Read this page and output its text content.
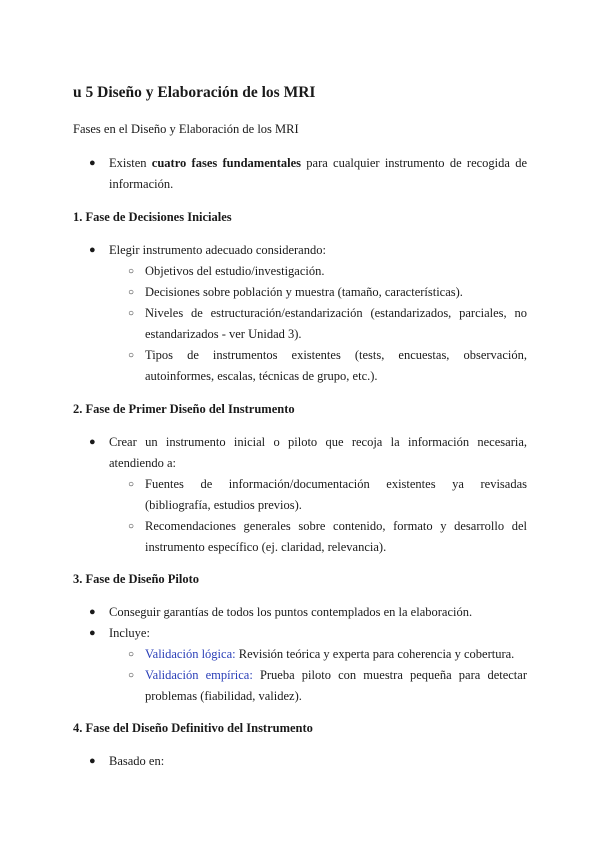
u 5 Diseño y Elaboración de los MRI
Fases en el Diseño y Elaboración de los MRI
● Existen cuatro fases fundamentales para cualquier instrumento de recogida de información.
1. Fase de Decisiones Iniciales
● Elegir instrumento adecuado considerando:
○ Objetivos del estudio/investigación.
○ Decisiones sobre población y muestra (tamaño, características).
○ Niveles de estructuración/estandarización (estandarizados, parciales, no estandarizados - ver Unidad 3).
○ Tipos de instrumentos existentes (tests, encuestas, observación, autoinformes, escalas, técnicas de grupo, etc.).
2. Fase de Primer Diseño del Instrumento
● Crear un instrumento inicial o piloto que recoja la información necesaria, atendiendo a:
○ Fuentes de información/documentación existentes ya revisadas (bibliografía, estudios previos).
○ Recomendaciones generales sobre contenido, formato y desarrollo del instrumento específico (ej. claridad, relevancia).
3. Fase de Diseño Piloto
● Conseguir garantías de todos los puntos contemplados en la elaboración.
● Incluye:
○ Validación lógica: Revisión teórica y experta para coherencia y cobertura.
○ Validación empírica: Prueba piloto con muestra pequeña para detectar problemas (fiabilidad, validez).
4. Fase del Diseño Definitivo del Instrumento
● Basado en:
